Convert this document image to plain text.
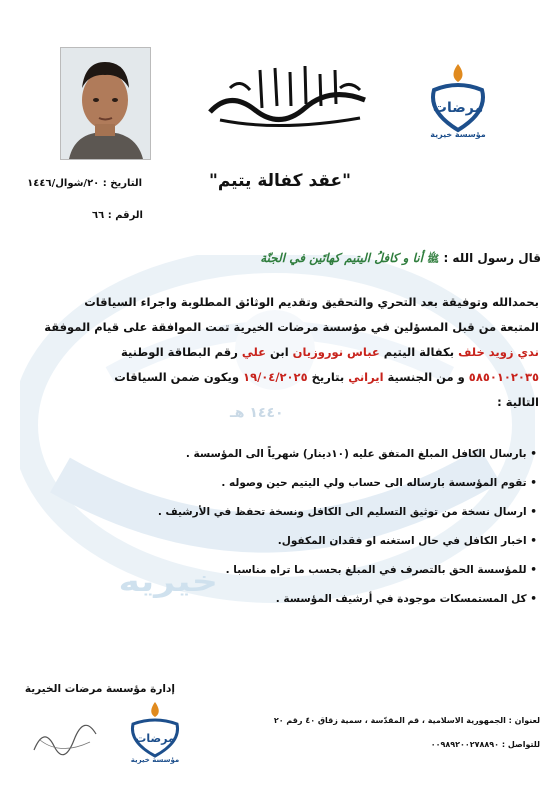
١٤٤٠ هـ
خيريه
بسم الله الرحمن الرحيم
مرضات
مؤسسة خيرية
"عقد كفالة يتيم"
التاريخ : ٢٠/شوال/١٤٤٦
الرقم : ٦٦
قال رسول الله : ﷺ أنا و كافلُ اليتيم كهاتَين في الجنّة

بحمدالله وتوفيقة بعد التحري والتحقيق وتقديم الوثائق المطلوبة واجراء السياقات

المتبعة من قبل المسؤلين في مؤسسة مرضات الخيرية تمت الموافقة على قيام الموفقة

ندي زويد خلف بكفالة اليتيم عباس نوروزيان ابن علي رقم البطاقة الوطنية

٥٨٥٠١٠٢٠٣٥ و من الجنسية ايراني بتاريخ ١٩/٠٤/٢٠٢٥ ويكون ضمن السياقات

التالية :

• بارسال الكافل المبلغ المتفق عليه (١٠دينار) شهرياً الى المؤسسة .
• تقوم المؤسسة بارساله الى حساب ولي اليتيم حين وصوله .
• ارسال نسخة من توثيق التسليم الى الكافل ونسخة تحفظ في الأرشيف .
• اخبار الكافل في حال استغنه او فقدان المكفول.
• للمؤسسة الحق بالتصرف في المبلغ بحسب ما تراه مناسبا .
• كل المستمسكات موجودة في أرشيف المؤسسة .
إدارة مؤسسة مرضات الخيرية
مرضات
مؤسسة خيرية
لعنوان : الجمهورية الاسلامية ، قم المقدّسة ، سمية زقاق ٤٠ رقم ٢٠
للتواصل : ٠٠٩٨٩٢٠٠٢٧٨٨٩٠
